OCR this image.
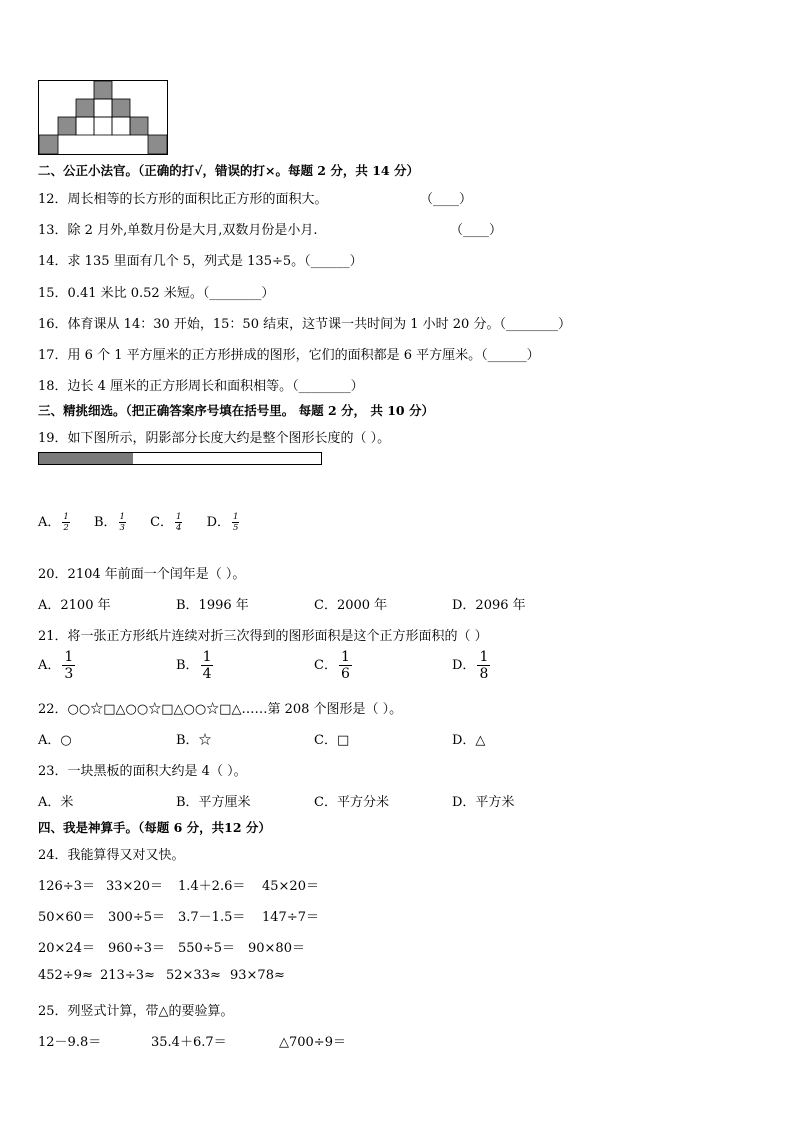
二、公正小法官。（正确的打√，错误的打×。每题 2 分，共 14 分）
12．周长相等的长方形的面积比正方形的面积大。	（____）
13．除 2 月外,单数月份是大月,双数月份是小月.	（____）
14．求 135 里面有几个 5，列式是 135÷5。（______）
15．0.41 米比 0.52 米短。（________）
16．体育课从 14：30 开始，15：50 结束，这节课一共时间为 1 小时 20 分。（________）
17．用 6 个 1 平方厘米的正方形拼成的图形，它们的面积都是 6 平方厘米。（______）
18．边长 4 厘米的正方形周长和面积相等。（________）
三、精挑细选。（把正确答案序号填在括号里。 每题 2 分， 共 10 分）
19．如下图所示，阴影部分长度大约是整个图形长度的（ ）。
A． $\frac{1}{2}$ B． $\frac{1}{3}$ C． $\frac{1}{4}$ D． $\frac{1}{5}$
20．2104 年前面一个闰年是（ ）。
A．2100 年	B．1996 年	C．2000 年	D．2096 年
21．将一张正方形纸片连续对折三次得到的图形面积是这个正方形面积的（ ）
A． $\frac{1}{3}$	B． $\frac{1}{4}$	C． $\frac{1}{6}$	D． $\frac{1}{8}$
22．○○☆□△○○☆□△○○☆□△……第 208 个图形是（ ）。
A．○	B．☆	C．□	D．△
23．一块黑板的面积大约是 4（ ）。
A．米	B．平方厘米	C．平方分米	D．平方米
四、我是神算手。（每题 6 分，共12 分）
24．我能算得又对又快。
126÷3＝ 33×20＝ 1.4＋2.6＝ 45×20＝
50×60＝ 300÷5＝ 3.7－1.5＝ 147÷7＝
20×24＝ 960÷3＝ 550÷5＝ 90×80＝
452÷9≈ 213÷3≈ 52×33≈ 93×78≈
25．列竖式计算，带△的要验算。
12－9.8＝	35.4＋6.7＝	△700÷9＝
